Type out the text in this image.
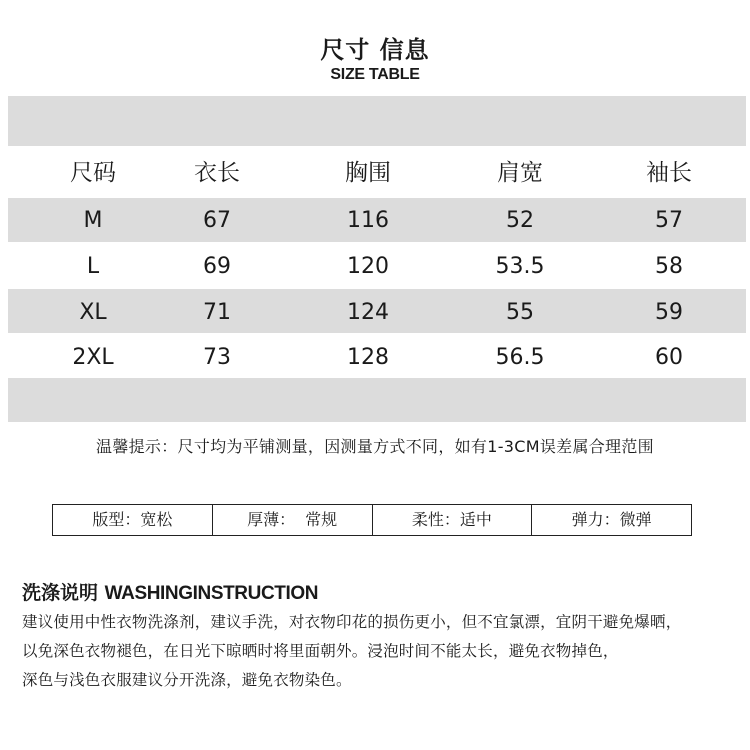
尺寸 信息
SIZE TABLE
尺码	衣长	胸围	肩宽	袖长
M	67	116	52	57
L	69	120	53.5	58
XL	71	124	55	59
2XL	73	128	56.5	60
温馨提示：尺寸均为平铺测量，因测量方式不同，如有1-3CM误差属合理范围
版型：宽松	厚薄： 常规	柔性：适中	弹力：微弹
洗涤说明 WASHINGINSTRUCTION
建议使用中性衣物洗涤剂，建议手洗，对衣物印花的损伤更小，但不宜氯漂，宜阴干避免爆晒，
以免深色衣物褪色，在日光下晾晒时将里面朝外。浸泡时间不能太长，避免衣物掉色，
深色与浅色衣服建议分开洗涤，避免衣物染色。
